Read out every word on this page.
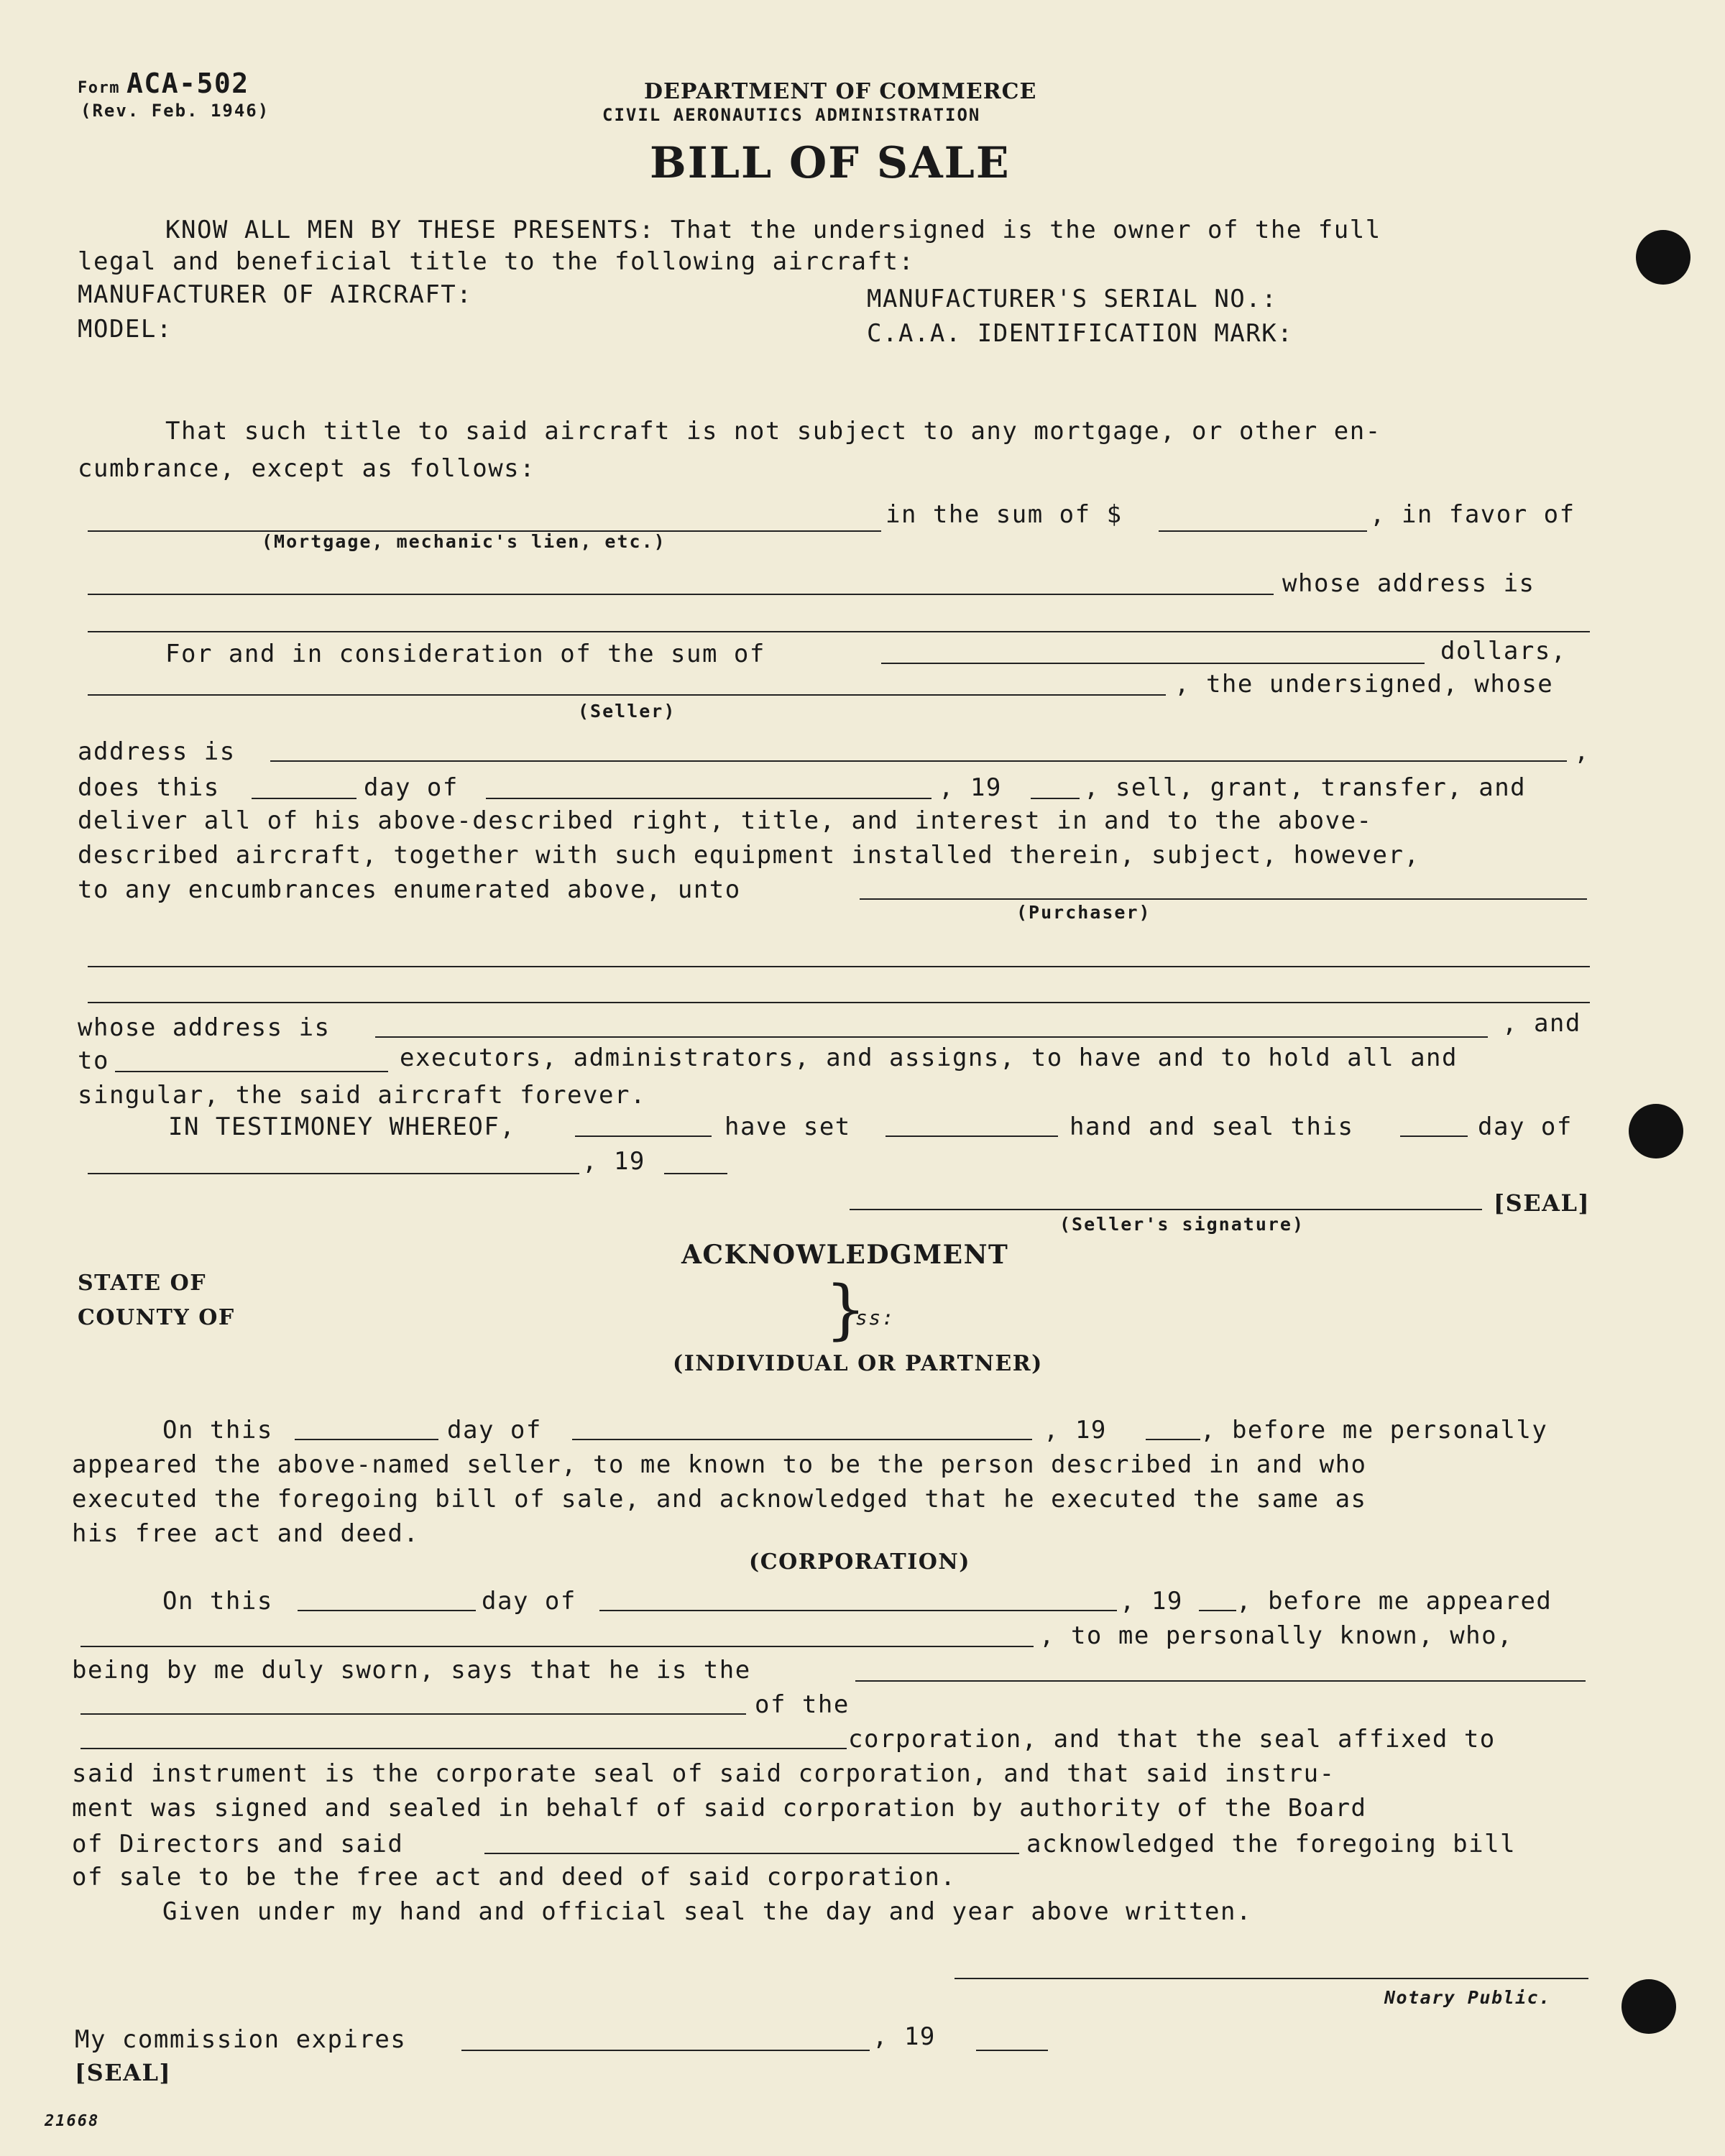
Form ACA-502
(Rev. Feb. 1946)
DEPARTMENT OF COMMERCE
CIVIL AERONAUTICS ADMINISTRATION
BILL OF SALE
KNOW ALL MEN BY THESE PRESENTS: That the undersigned is the owner of the full
legal and beneficial title to the following aircraft:
MANUFACTURER OF AIRCRAFT:	MANUFACTURER'S SERIAL NO.:
MODEL:	C.A.A. IDENTIFICATION MARK:
That such title to said aircraft is not subject to any mortgage, or other en-
cumbrance, except as follows:
in the sum of $	, in favor of
(Mortgage, mechanic's lien, etc.)
whose address is
For and in consideration of the sum of	dollars,
, the undersigned, whose
(Seller)
address is	,
does this	day of	, 19	, sell, grant, transfer, and
deliver all of his above-described right, title, and interest in and to the above-
described aircraft, together with such equipment installed therein, subject, however,
to any encumbrances enumerated above, unto
(Purchaser)
whose address is	, and
to	executors, administrators, and assigns, to have and to hold all and
singular, the said aircraft forever.
IN TESTIMONEY WHEREOF,	have set	hand and seal this	day of
, 19
[SEAL]
(Seller's signature)
ACKNOWLEDGMENT
STATE OF
COUNTY OF	}
ss:
(INDIVIDUAL OR PARTNER)
On this	day of	, 19	, before me personally
appeared the above-named seller, to me known to be the person described in and who
executed the foregoing bill of sale, and acknowledged that he executed the same as
his free act and deed.
(CORPORATION)
On this	day of	, 19 , before me appeared
, to me personally known, who,
being by me duly sworn, says that he is the
of the
corporation, and that the seal affixed to
said instrument is the corporate seal of said corporation, and that said instru-
ment was signed and sealed in behalf of said corporation by authority of the Board
of Directors and said	acknowledged the foregoing bill
of sale to be the free act and deed of said corporation.
Given under my hand and official seal the day and year above written.
Notary Public.
My commission expires	, 19
[SEAL]
21668
